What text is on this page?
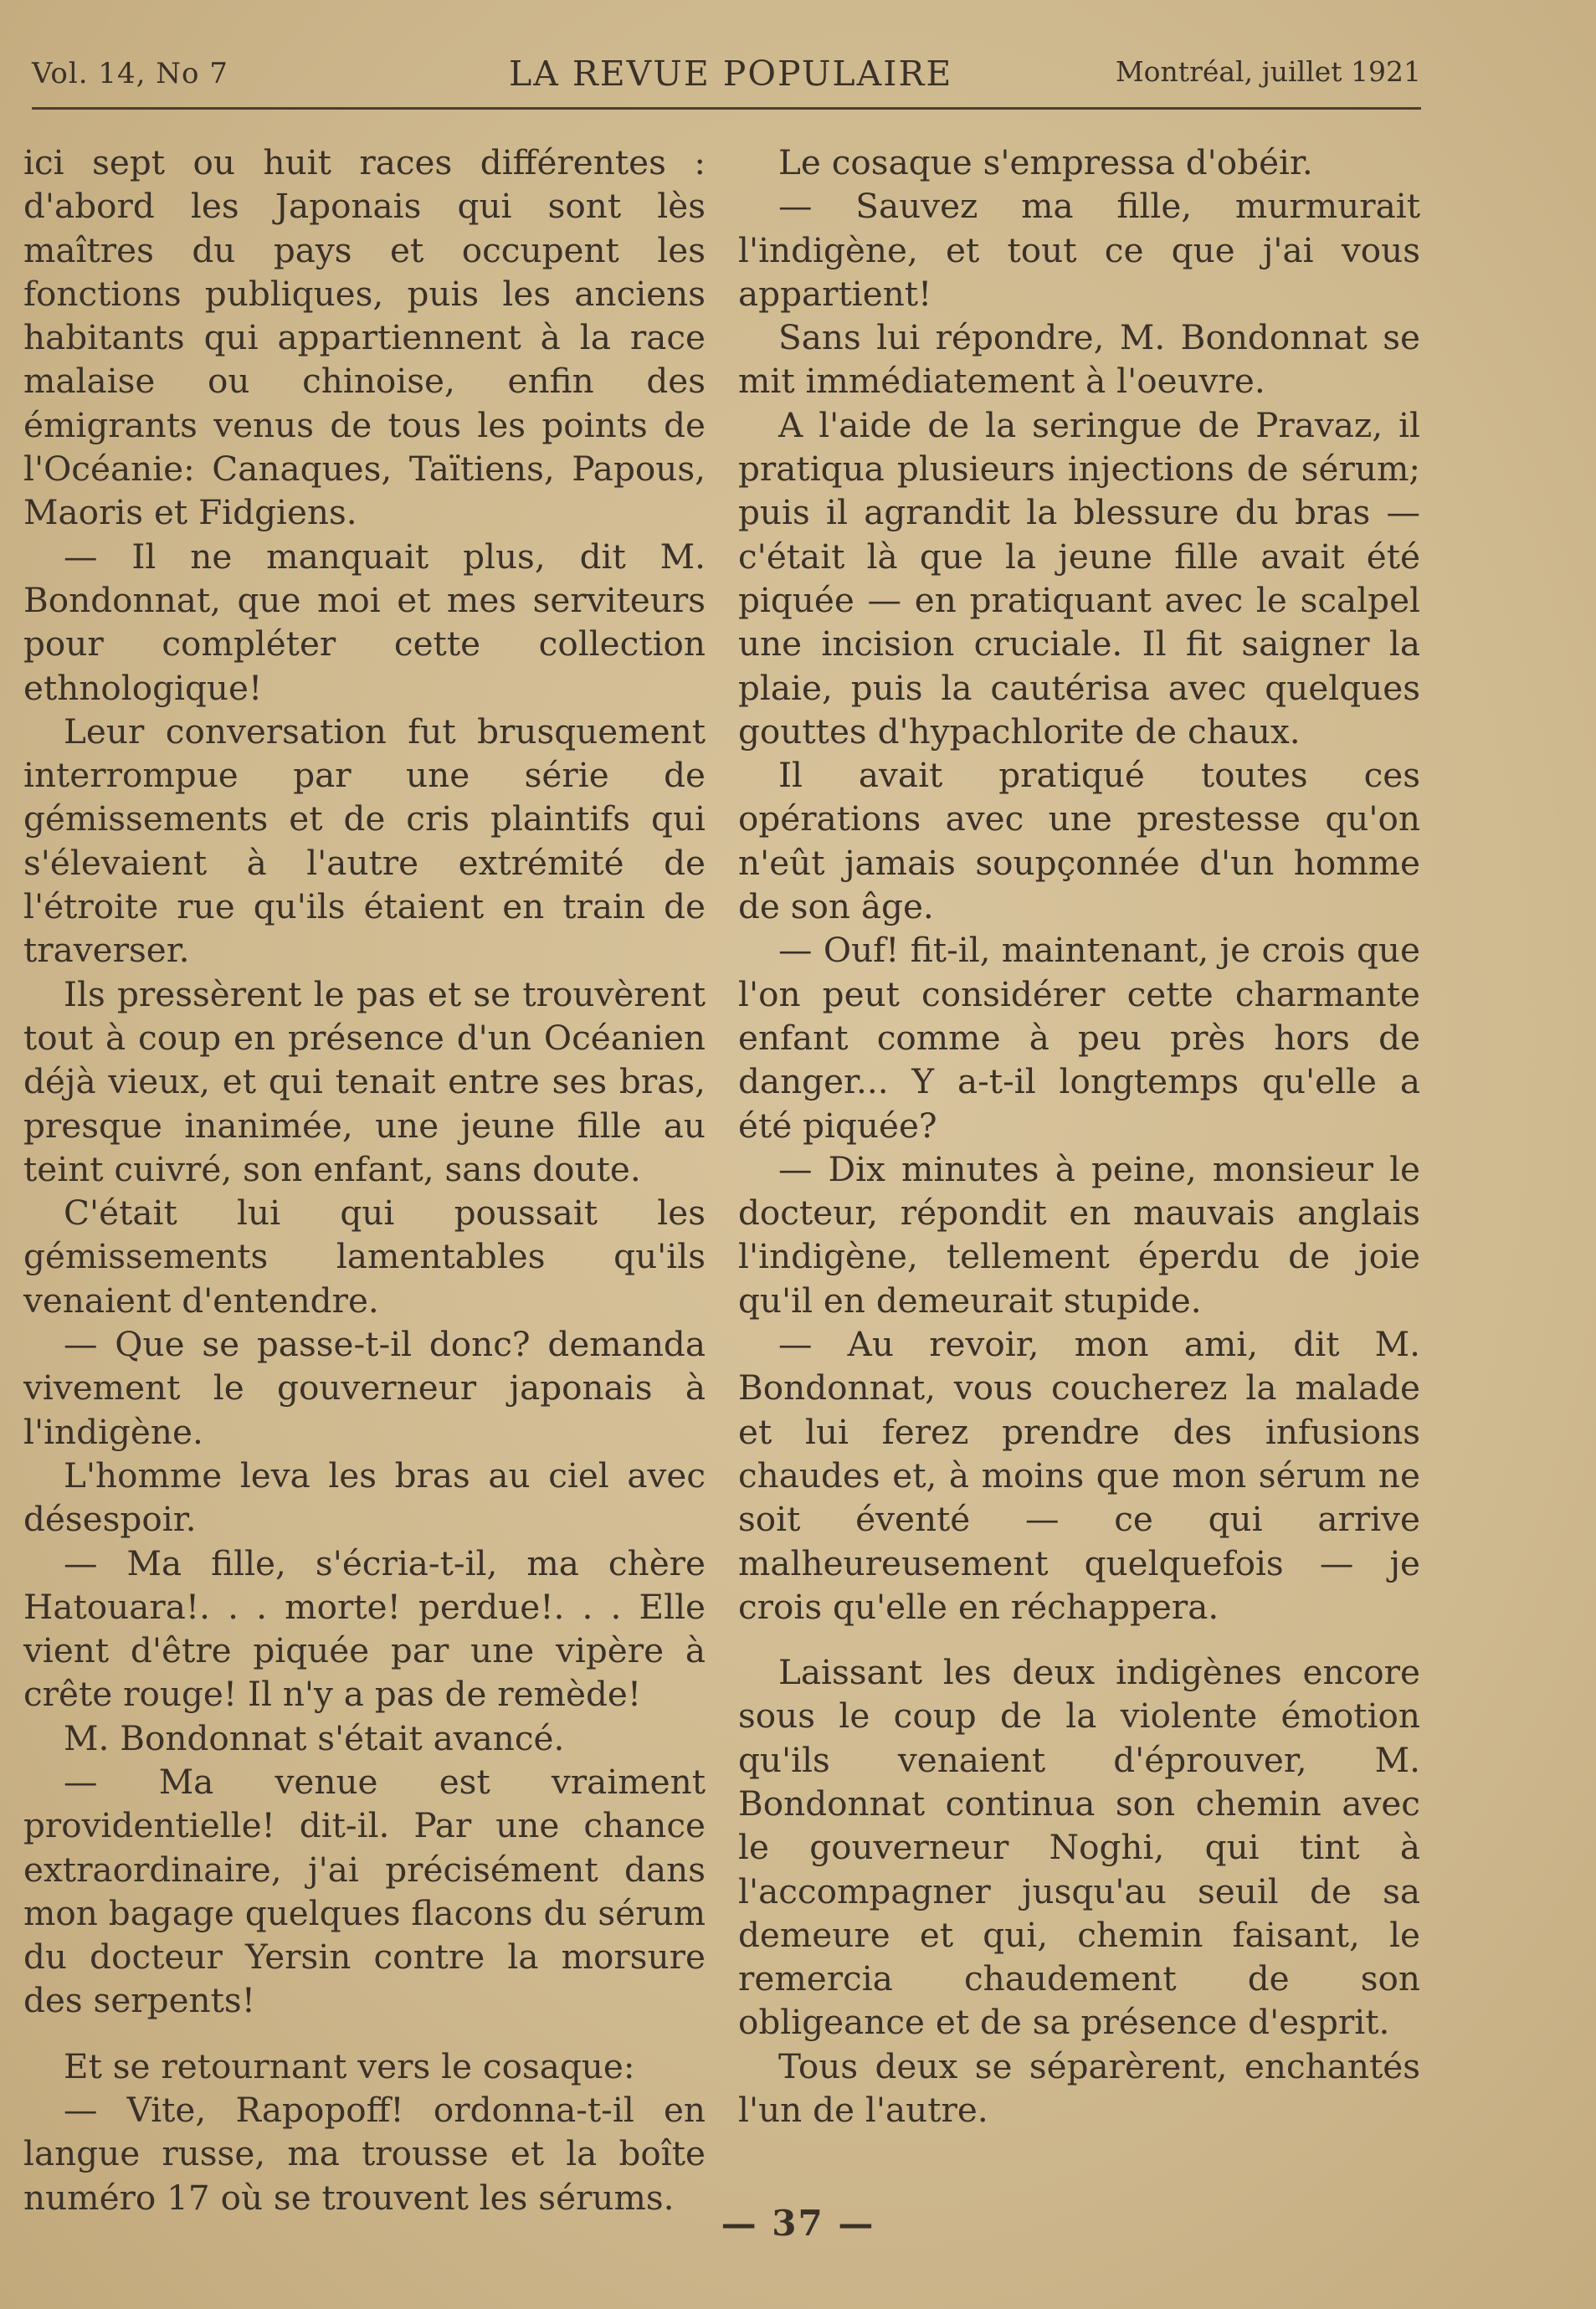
Vol. 14, No 7	LA REVUE POPULAIRE	Montréal, juillet 1921

ici sept ou huit races différentes : d'abord les Japonais qui sont lès maîtres du pays et occupent les fonctions publiques, puis les anciens habitants qui appartiennent à la race malaise ou chinoise, enfin des émigrants venus de tous les points de l'Océanie: Canaques, Taïtiens, Papous, Maoris et Fidgiens.

— Il ne manquait plus, dit M. Bondonnat, que moi et mes serviteurs pour compléter cette collection ethnologique!

Leur conversation fut brusquement interrompue par une série de gémissements et de cris plaintifs qui s'élevaient à l'autre extrémité de l'étroite rue qu'ils étaient en train de traverser.

Ils pressèrent le pas et se trouvèrent tout à coup en présence d'un Océanien déjà vieux, et qui tenait entre ses bras, presque inanimée, une jeune fille au teint cuivré, son enfant, sans doute.

C'était lui qui poussait les gémissements lamentables qu'ils venaient d'entendre.

— Que se passe-t-il donc? demanda vivement le gouverneur japonais à l'indigène.

L'homme leva les bras au ciel avec désespoir.

— Ma fille, s'écria-t-il, ma chère Hatouara!. . . morte! perdue!. . . Elle vient d'être piquée par une vipère à crête rouge! Il n'y a pas de remède!

M. Bondonnat s'était avancé.

— Ma venue est vraiment providentielle! dit-il. Par une chance extraordinaire, j'ai précisément dans mon bagage quelques flacons du sérum du docteur Yersin contre la morsure des serpents!

Et se retournant vers le cosaque:

— Vite, Rapopoff! ordonna-t-il en langue russe, ma trousse et la boîte numéro 17 où se trouvent les sérums.

Le cosaque s'empressa d'obéir.

— Sauvez ma fille, murmurait l'indigène, et tout ce que j'ai vous appartient!

Sans lui répondre, M. Bondonnat se mit immédiatement à l'oeuvre.

A l'aide de la seringue de Pravaz, il pratiqua plusieurs injections de sérum; puis il agrandit la blessure du bras — c'était là que la jeune fille avait été piquée — en pratiquant avec le scalpel une incision cruciale. Il fit saigner la plaie, puis la cautérisa avec quelques gouttes d'hypachlorite de chaux.

Il avait pratiqué toutes ces opérations avec une prestesse qu'on n'eût jamais soupçonnée d'un homme de son âge.

— Ouf! fit-il, maintenant, je crois que l'on peut considérer cette charmante enfant comme à peu près hors de danger... Y a-t-il longtemps qu'elle a été piquée?

— Dix minutes à peine, monsieur le docteur, répondit en mauvais anglais l'indigène, tellement éperdu de joie qu'il en demeurait stupide.

— Au revoir, mon ami, dit M. Bondonnat, vous coucherez la malade et lui ferez prendre des infusions chaudes et, à moins que mon sérum ne soit éventé — ce qui arrive malheureusement quelquefois — je crois qu'elle en réchappera.

Laissant les deux indigènes encore sous le coup de la violente émotion qu'ils venaient d'éprouver, M. Bondonnat continua son chemin avec le gouverneur Noghi, qui tint à l'accompagner jusqu'au seuil de sa demeure et qui, chemin faisant, le remercia chaudement de son obligeance et de sa présence d'esprit.

Tous deux se séparèrent, enchantés l'un de l'autre.

— 37 —
